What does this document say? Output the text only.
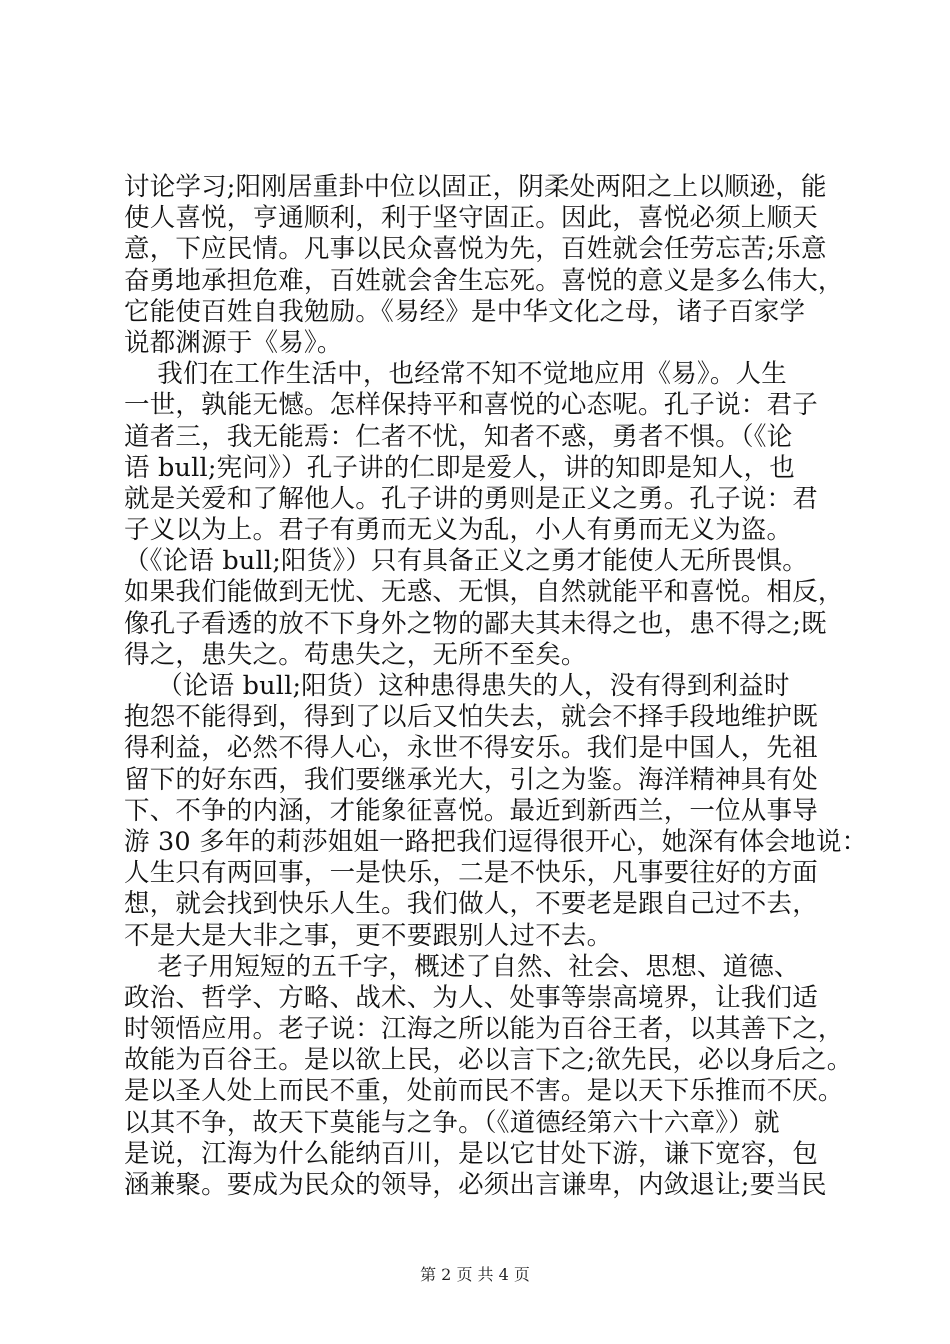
讨论学习;阳刚居重卦中位以固正，阴柔处两阳之上以顺逊，能
使人喜悦，亨通顺利，利于坚守固正。因此，喜悦必须上顺天
意，下应民情。凡事以民众喜悦为先，百姓就会任劳忘苦;乐意
奋勇地承担危难，百姓就会舍生忘死。喜悦的意义是多么伟大，
它能使百姓自我勉励。《易经》是中华文化之母，诸子百家学
说都渊源于《易》。
我们在工作生活中，也经常不知不觉地应用《易》。人生
一世，孰能无憾。怎样保持平和喜悦的心态呢。孔子说：君子
道者三，我无能焉：仁者不忧，知者不惑，勇者不惧。（《论
语 bull;宪问》）孔子讲的仁即是爱人，讲的知即是知人，也
就是关爱和了解他人。孔子讲的勇则是正义之勇。孔子说：君
子义以为上。君子有勇而无义为乱，小人有勇而无义为盗。
（《论语 bull;阳货》）只有具备正义之勇才能使人无所畏惧。
如果我们能做到无忧、无惑、无惧，自然就能平和喜悦。相反，
像孔子看透的放不下身外之物的鄙夫其未得之也，患不得之;既
得之，患失之。苟患失之，无所不至矣。
（论语 bull;阳货）这种患得患失的人，没有得到利益时
抱怨不能得到，得到了以后又怕失去，就会不择手段地维护既
得利益，必然不得人心，永世不得安乐。我们是中国人，先祖
留下的好东西，我们要继承光大，引之为鉴。海洋精神具有处
下、不争的内涵，才能象征喜悦。最近到新西兰，一位从事导
游 30 多年的莉莎姐姐一路把我们逗得很开心，她深有体会地说：
人生只有两回事，一是快乐，二是不快乐，凡事要往好的方面
想，就会找到快乐人生。我们做人，不要老是跟自己过不去，
不是大是大非之事，更不要跟别人过不去。
老子用短短的五千字，概述了自然、社会、思想、道德、
政治、哲学、方略、战术、为人、处事等崇高境界，让我们适
时领悟应用。老子说：江海之所以能为百谷王者，以其善下之，
故能为百谷王。是以欲上民，必以言下之;欲先民，必以身后之。
是以圣人处上而民不重，处前而民不害。是以天下乐推而不厌。
以其不争，故天下莫能与之争。（《道德经第六十六章》）就
是说，江海为什么能纳百川，是以它甘处下游，谦下宽容，包
涵兼聚。要成为民众的领导，必须出言谦卑，内敛退让;要当民
第 2 页 共 4 页
